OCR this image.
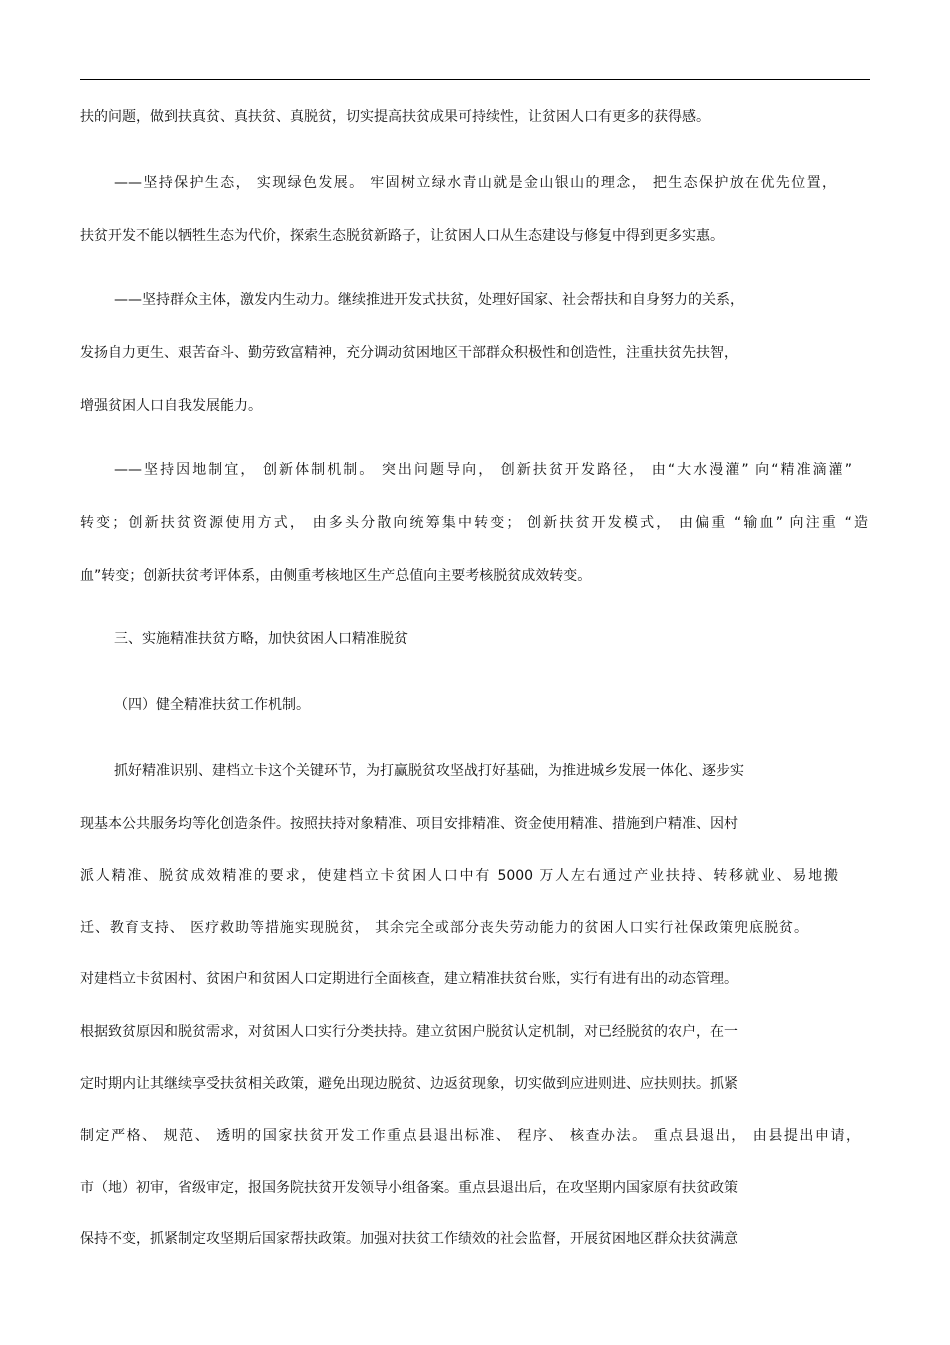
扶的问题，做到扶真贫、真扶贫、真脱贫，切实提高扶贫成果可持续性，让贫困人口有更多的获得感。
——坚持保护生态， 实现绿色发展。 牢固树立绿水青山就是金山银山的理念， 把生态保护放在优先位置，
扶贫开发不能以牺牲生态为代价，探索生态脱贫新路子，让贫困人口从生态建设与修复中得到更多实惠。
——坚持群众主体，激发内生动力。继续推进开发式扶贫，处理好国家、社会帮扶和自身努力的关系，
发扬自力更生、艰苦奋斗、勤劳致富精神，充分调动贫困地区干部群众积极性和创造性，注重扶贫先扶智，
增强贫困人口自我发展能力。
——坚持因地制宜， 创新体制机制。 突出问题导向， 创新扶贫开发路径， 由“大水漫灌” 向“精准滴灌”
转变；创新扶贫资源使用方式， 由多头分散向统筹集中转变； 创新扶贫开发模式， 由偏重 “输血” 向注重 “造
血”转变；创新扶贫考评体系，由侧重考核地区生产总值向主要考核脱贫成效转变。
三、实施精准扶贫方略，加快贫困人口精准脱贫
（四）健全精准扶贫工作机制。
抓好精准识别、建档立卡这个关键环节，为打赢脱贫攻坚战打好基础，为推进城乡发展一体化、逐步实
现基本公共服务均等化创造条件。按照扶持对象精准、项目安排精准、资金使用精准、措施到户精准、因村
派人精准、脱贫成效精准的要求，使建档立卡贫困人口中有 5000 万人左右通过产业扶持、转移就业、易地搬
迁、教育支持、 医疗救助等措施实现脱贫， 其余完全或部分丧失劳动能力的贫困人口实行社保政策兜底脱贫。
对建档立卡贫困村、贫困户和贫困人口定期进行全面核查，建立精准扶贫台账，实行有进有出的动态管理。
根据致贫原因和脱贫需求，对贫困人口实行分类扶持。建立贫困户脱贫认定机制，对已经脱贫的农户，在一
定时期内让其继续享受扶贫相关政策，避免出现边脱贫、边返贫现象，切实做到应进则进、应扶则扶。抓紧
制定严格、 规范、 透明的国家扶贫开发工作重点县退出标准、 程序、 核查办法。 重点县退出， 由县提出申请，
市（地）初审，省级审定，报国务院扶贫开发领导小组备案。重点县退出后，在攻坚期内国家原有扶贫政策
保持不变，抓紧制定攻坚期后国家帮扶政策。加强对扶贫工作绩效的社会监督，开展贫困地区群众扶贫满意
